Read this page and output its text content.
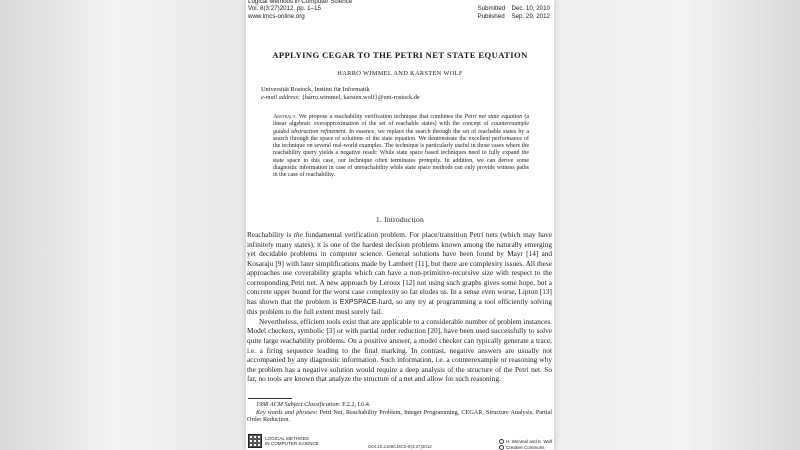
Logical Methods in Computer Science
Vol. 8(3:27)2012, pp. 1–15
www.lmcs-online.org
Submitted Dec. 10, 2010
Published Sep. 29, 2012
APPLYING CEGAR TO THE PETRI NET STATE EQUATION
HARRO WIMMEL AND KARSTEN WOLF
Universität Rostock, Institut für Informatik
e-mail address: {harro.wimmel, karsten.wolf}@uni-rostock.de
Abstract. We propose a reachability verification technique that combines the Petri net state equation (a linear algebraic overapproximation of the set of reachable states) with the concept of counterexample guided abstraction refinement. In essence, we replace the search through the set of reachable states by a search through the space of solutions of the state equation. We demonstrate the excellent performance of the technique on several real-world examples. The technique is particularly useful in those cases where the reachability query yields a negative result: While state space based techniques need to fully expand the state space in this case, our technique often terminates promptly. In addition, we can derive some diagnostic information in case of unreachability while state space methods can only provide witness paths in the case of reachability.
1. Introduction

Reachability is the fundamental verification problem. For place/transition Petri nets (which may have infinitely many states), it is one of the hardest decision problems known among the naturally emerging yet decidable problems in computer science. General solutions have been found by Mayr [14] and Kosaraju [9] with later simplifications made by Lambert [11], but there are complexity issues. All these approaches use coverability graphs which can have a non-primitive-recursive size with respect to the corresponding Petri net. A new approach by Leroux [12] not using such graphs gives some hope, but a concrete upper bound for the worst case complexity so far eludes us. In a sense even worse, Lipton [13] has shown that the problem is EXPSPACE-hard, so any try at programming a tool efficiently solving this problem to the full extent must surely fail.

Nevertheless, efficient tools exist that are applicable to a considerable number of problem instances. Model checkers, symbolic [3] or with partial order reduction [20], have been used successfully to solve quite large reachability problems. On a positive answer, a model checker can typically generate a trace, i.e. a firing sequence leading to the final marking. In contrast, negative answers are usually not accompanied by any diagnostic information. Such information, i.e. a counterexample or reasoning why the problem has a negative solution would require a deep analysis of the structure of the Petri net. So far, no tools are known that analyze the structure of a net and allow for such reasoning.

1998 ACM Subject Classification: F.2.2, I.6.4.

Key words and phrases: Petri Net, Reachability Problem, Integer Programming, CEGAR, Structure Analysis, Partial Order Reduction.

LOGICAL METHODS
IN COMPUTER SCIENCE
DOI:10.2168/LMCS-8(3:27)2012
H. Wimmel and K. Wolf
Creative Commons
